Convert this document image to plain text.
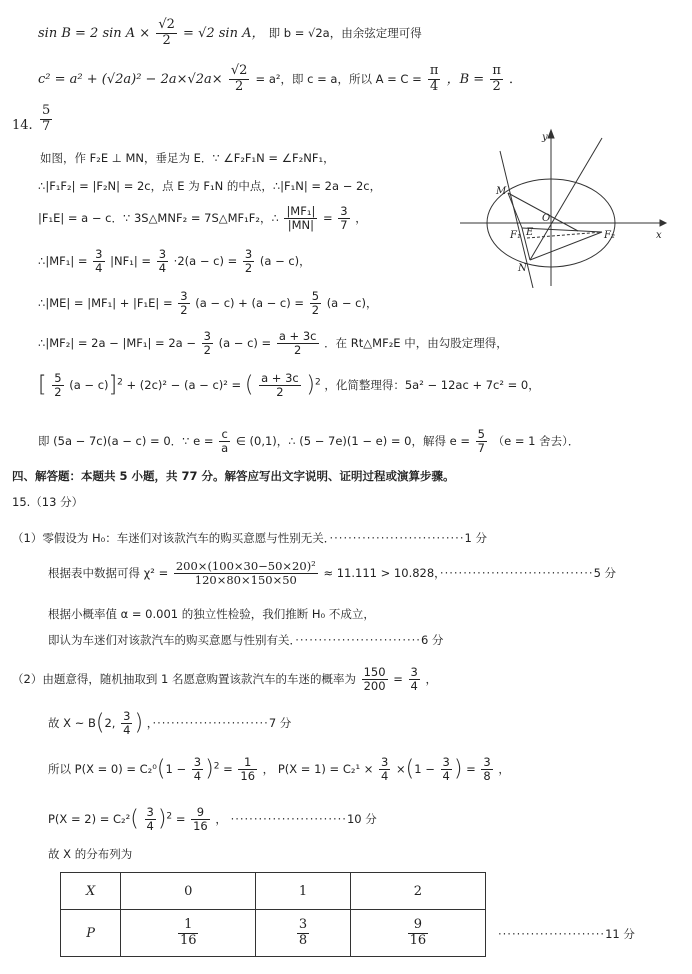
sin B = 2 $\sin A \times \frac{√2}{2} = √2$ sin A， 即 b = √2a，由余弦定理可得
$c^2 = a^2 + (√2a)^2 - 2a\times√2a\times \frac{√2}{2} = a^2$，即 c = a，所以 $A = C = \frac{\pi}{4}$ ，$B = \frac{\pi}{2}$ ．
14. $\frac{5}{7}$
如图，作 F₂E ⊥ MN，垂足为 E．∵ ∠F₂F₁N = ∠F₂NF₁，
∴|F₁F₂| = |F₂N| = 2c，点 E 为 F₁N 的中点，∴|F₁N| = 2a − 2c，
|F₁E| = a − c．∵ 3S△MNF₂ = 7S△MF₁F₂，∴ $\frac{\text{|MF₁|}}{|MN|} = \frac{3}{7}$ ，
∴|MF₁| = $\frac{3}{4} |NF_1| = \frac{3}{4} \cdot 2(a - c) = \frac{3}{2} (a - c)$，
∴|ME| = $|MF_1| + |F_1E| = \frac{3}{2} (a - c) + (a - c) = \frac{5}{2} (a - c)$，
∴|MF₂| = $2a - |MF_1| = 2a - \frac{3}{2} (a - c) = \frac{a + 3c}{2}$ ．在 Rt△MF₂E 中，由勾股定理得，
[ $\frac{5}{2} (a - c)]^2 + (2c)^2 - (a - c)^2$ = ( $\frac{a + 3c}{2} )^2$ ，化简整理得：5a² − 12ac + 7c² = 0，
即 (5a − 7c)(a − c) = 0．∵ $e = \frac{c}{a}$ ∈ (0,1)，∴ (5 − 7e)(1 − e) = 0，解得 $e = \frac{5}{7} (e = 1$ 舍去）．
y
x
M
O
F₁ E	F₂
N
四、解答题：本题共 5 小题，共 77 分。解答应写出文字说明、证明过程或演算步骤。
15.（13 分）
（1）零假设为 H₀：车迷们对该款汽车的购买意愿与性别无关．·····························1 分
根据表中数据可得 $\chi^2 = \frac{\text{200×(100×30−50×20)²}}{120\times 80\times 150\times 50} \approx 11.111 > 10.828$，·································5 分
根据小概率值 α = 0.001 的独立性检验，我们推断 H₀ 不成立，
即认为车迷们对该款汽车的购买意愿与性别有关．···························6 分
（2）由题意得，随机抽取到 1 名愿意购置该款汽车的车迷的概率为 $\frac{150}{200} = \frac{3}{4}$ ，
故 X ~ B(2, $\frac{3}{4}$ ) ，·························7 分
所以 $P(X = 0) = C_2^0(1 - \frac{3}{4} )^2 = \frac{1}{16}$ ， $P(X = 1) = C_2^1 \times \frac{3}{4} \times(1 - \frac{3}{4}$ ) = $\frac{3}{8}$ ，
$P(X = 2) = C_2^2( \frac{3}{4} )^2 = \frac{9}{16}$ ， ·························10 分
故 X 的分布列为
X	0	1	2
P	$\frac{1}{16}$	$\frac{3}{8}$	$\frac{9}{16}$	·······················11 分
